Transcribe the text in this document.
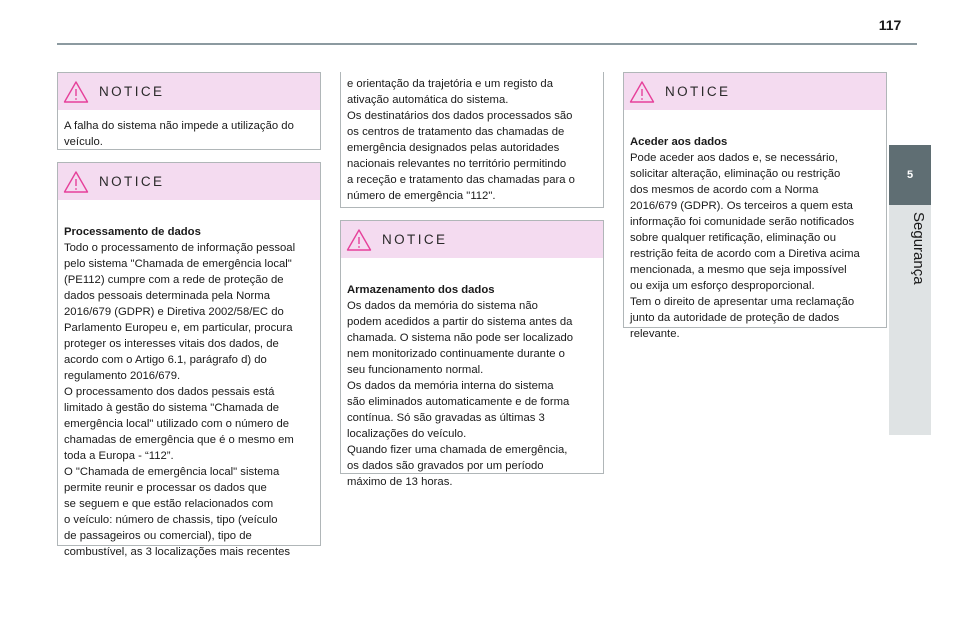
117
5
Segurança
NOTICE
A falha do sistema não impede a utilização do
veículo.
NOTICE

Processamento de dados
Todo o processamento de informação pessoal
pelo sistema "Chamada de emergência local"
(PE112) cumpre com a rede de proteção de
dados pessoais determinada pela Norma
2016/679 (GDPR) e Diretiva 2002/58/EC do
Parlamento Europeu e, em particular, procura
proteger os interesses vitais dos dados, de
acordo com o Artigo 6.1, parágrafo d) do
regulamento 2016/679.
O processamento dos dados pessais está
limitado à gestão do sistema "Chamada de
emergência local" utilizado com o número de
chamadas de emergência que é o mesmo em
toda a Europa - “112”.
O "Chamada de emergência local" sistema
permite reunir e processar os dados que
se seguem e que estão relacionados com
o veículo: número de chassis, tipo (veículo
de passageiros ou comercial), tipo de
combustível, as 3 localizações mais recentes

e orientação da trajetória e um registo da
ativação automática do sistema.
Os destinatários dos dados processados são
os centros de tratamento das chamadas de
emergência designados pelas autoridades
nacionais relevantes no território permitindo
a receção e tratamento das chamadas para o
número de emergência "112".
NOTICE

Armazenamento dos dados
Os dados da memória do sistema não
podem acedidos a partir do sistema antes da
chamada. O sistema não pode ser localizado
nem monitorizado continuamente durante o
seu funcionamento normal.
Os dados da memória interna do sistema
são eliminados automaticamente e de forma
contínua. Só são gravadas as últimas 3
localizações do veículo.
Quando fizer uma chamada de emergência,
os dados são gravados por um período
máximo de 13 horas.

NOTICE

Aceder aos dados
Pode aceder aos dados e, se necessário,
solicitar alteração, eliminação ou restrição
dos mesmos de acordo com a Norma
2016/679 (GDPR). Os terceiros a quem esta
informação foi comunidade serão notificados
sobre qualquer retificação, eliminação ou
restrição feita de acordo com a Diretiva acima
mencionada, a mesmo que seja impossível
ou exija um esforço desproporcional.
Tem o direito de apresentar uma reclamação
junto da autoridade de proteção de dados
relevante.
